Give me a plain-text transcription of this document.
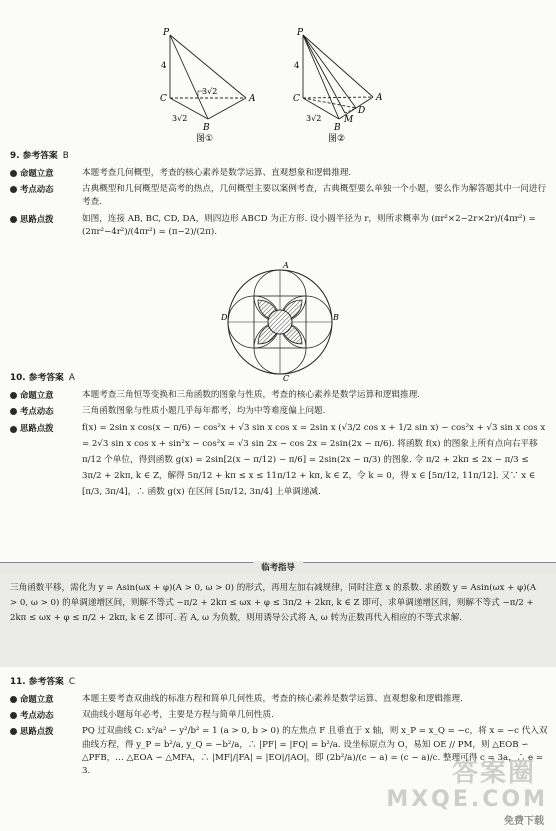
P
C	A
B
4
3√2
3√2
图①
P
C	A
B
D
M
4
3√2
图②
9. 参考答案 B
命题立意	本题考查几何概型，考查的核心素养是数学运算、直观想象和逻辑推理.
考点动态	古典概型和几何概型是高考的热点，几何概型主要以案例考查，古典概型要么单独一个小题，要么作为解答题其中一问进行考查.
思路点拨	如图，连接 AB, BC, CD, DA，则四边形 ABCD 为正方形. 设小圆半径为 r，则所求概率为 (πr²×2−2r×2r)/(4πr²) = (2πr²−4r²)/(4πr²) = (π−2)/(2π).
A
D	B
C
10. 参考答案 A
命题立意	本题考查三角恒等变换和三角函数的图象与性质，考查的核心素养是数学运算和逻辑推理.
考点动态	三角函数图象与性质小题几乎每年都考，均为中等难度偏上问题.
思路点拨	f(x) = 2sin x cos(x − π/6) − cos²x + √3 sin x cos x = 2sin x (√3/2 cos x + 1/2 sin x) − cos²x + √3 sin x cos x = 2√3 sin x cos x + sin²x − cos²x = √3 sin 2x − cos 2x = 2sin(2x − π/6). 将函数 f(x) 的图象上所有点向右平移 π/12 个单位，得到函数 g(x) = 2sin[2(x − π/12) − π/6] = 2sin(2x − π/3) 的图象. 令 π/2 + 2kπ ≤ 2x − π/3 ≤ 3π/2 + 2kπ, k ∈ Z，解得 5π/12 + kπ ≤ x ≤ 11π/12 + kπ, k ∈ Z，令 k = 0，得 x ∈ [5π/12, 11π/12]. 又∵ x ∈ [π/3, 3π/4]，∴ 函数 g(x) 在区间 [5π/12, 3π/4] 上单调递减.
临考指导
三角函数平移，需化为 y = Asin(ωx + φ)(A > 0, ω > 0) 的形式，再用左加右减规律，同时注意 x 的系数. 求函数 y = Asin(ωx + φ)(A > 0, ω > 0) 的单调递增区间，则解不等式 −π/2 + 2kπ ≤ ωx + φ ≤ 3π/2 + 2kπ, k ∈ Z 即可，求单调递增区间，则解不等式 −π/2 + 2kπ ≤ ωx + φ ≤ π/2 + 2kπ, k ∈ Z 即可. 若 A, ω 为负数，则用诱导公式将 A, ω 转为正数再代入相应的不等式求解.
11. 参考答案 C
命题立意	本题主要考查双曲线的标准方程和简单几何性质，考查的核心素养是数学运算、直观想象和逻辑推理.
考点动态	双曲线小题每年必考，主要是方程与简单几何性质.
思路点拨	PQ 过双曲线 C: x²/a² − y²/b² = 1 (a > 0, b > 0) 的左焦点 F 且垂直于 x 轴，则 x_P = x_Q = −c，将 x = −c 代入双曲线方程，得 y_P = b²/a, y_Q = −b²/a，∴ |PF| = |FQ| = b²/a. 设坐标原点为 O，易知 OE // PM，则 △EOB ∽ △PFB，… △EOA ∽ △MFA，∴ |MF|/|FA| = |EO|/|AO|，即 (2b²/a)/(c − a) = (c − a)/c. 整理可得 c = 3a，∴ e = 3.	答案圈
MXQE.COM
免费下载
